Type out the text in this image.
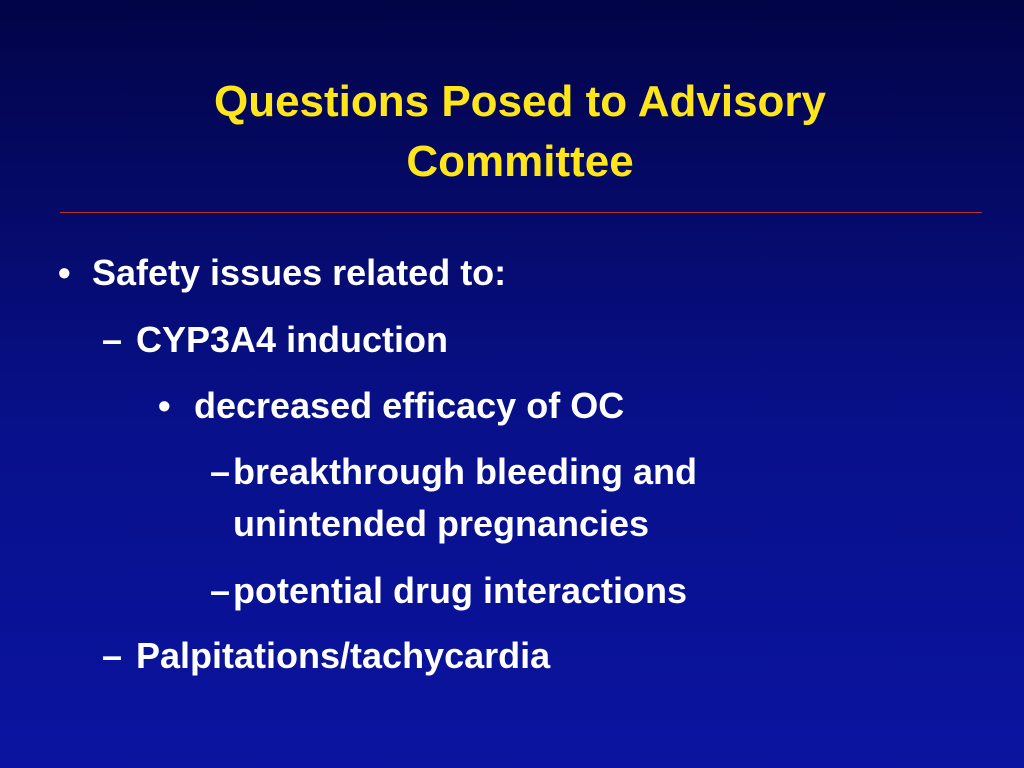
Questions Posed to Advisory
Committee
• Safety issues related to:
– CYP3A4 induction
• decreased efficacy of OC
–breakthrough bleeding and
unintended pregnancies
–potential drug interactions
– Palpitations/tachycardia
